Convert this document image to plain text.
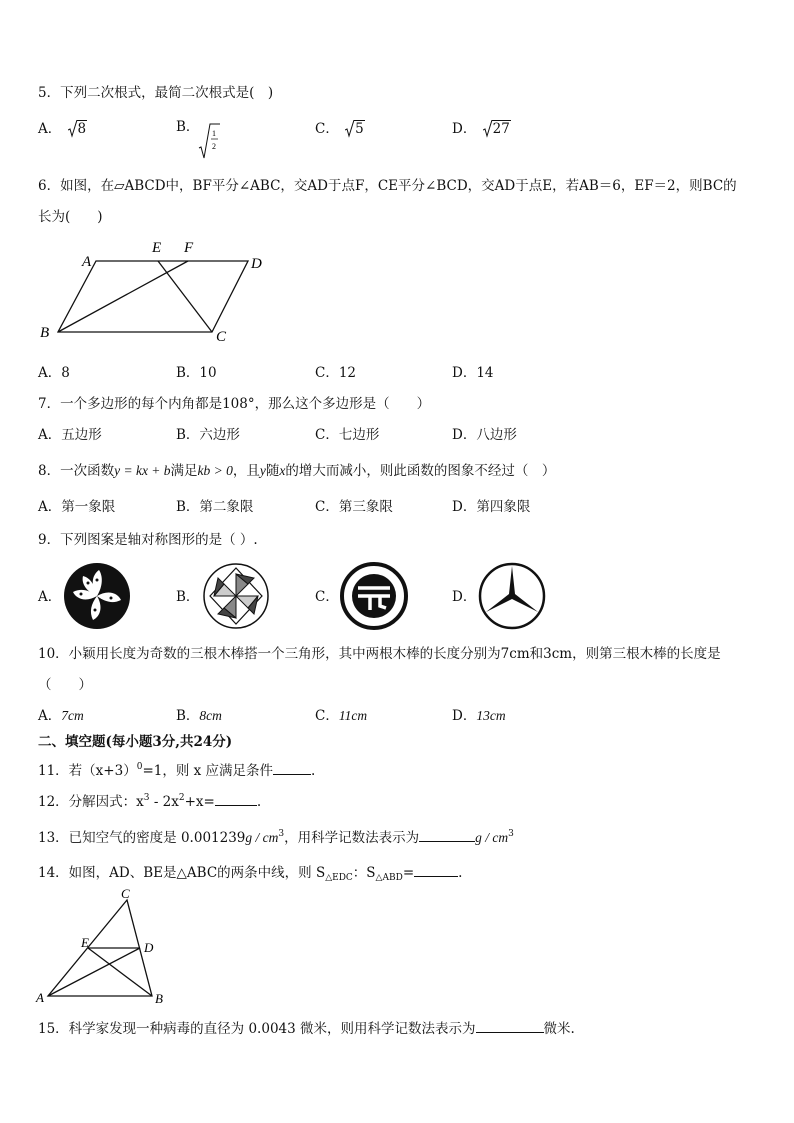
5．下列二次根式，最简二次根式是(　)
A． 8	B． 1
2
C． 5	D． 27
6．如图，在▱ABCD中，BF平分∠ABC，交AD于点F，CE平分∠BCD，交AD于点E，若AB＝6，EF＝2，则BC的
长为(　　)
A
E F
D
B	C
A．8	B．10	C．12	D．14
7．一个多边形的每个内角都是108°，那么这个多边形是（　　）
A．五边形	B．六边形	C．七边形	D．八边形
8．一次函数y = kx + b满足kb > 0，且y随x的增大而减小，则此函数的图象不经过（　）
A．第一象限	B．第二象限	C．第三象限	D．第四象限
9．下列图案是轴对称图形的是（ ）.
A．	B．	C．	D．
10．小颖用长度为奇数的三根木棒搭一个三角形，其中两根木棒的长度分别为7cm和3cm，则第三根木棒的长度是
（　　）
A．7cm	B．8cm	C．11cm	D．13cm
二、填空题(每小题3分,共24分)
11．若$(x+3)^0=1$，则 x 应满足条件	.
12．分解因式：$x^3 - 2x^2+x=$	.
13．已知空气的密度是 $0.001239g / cm^3$，用科学记数法表示为	g / $cm^3$
14．如图，AD、BE是△ABC的两条中线，则 $S_{\triangle EDC}$：$S_{\triangle ABD}=$	.
C
E	D
A	B
15．科学家发现一种病毒的直径为 0.0043 微米，则用科学记数法表示为	微米.
